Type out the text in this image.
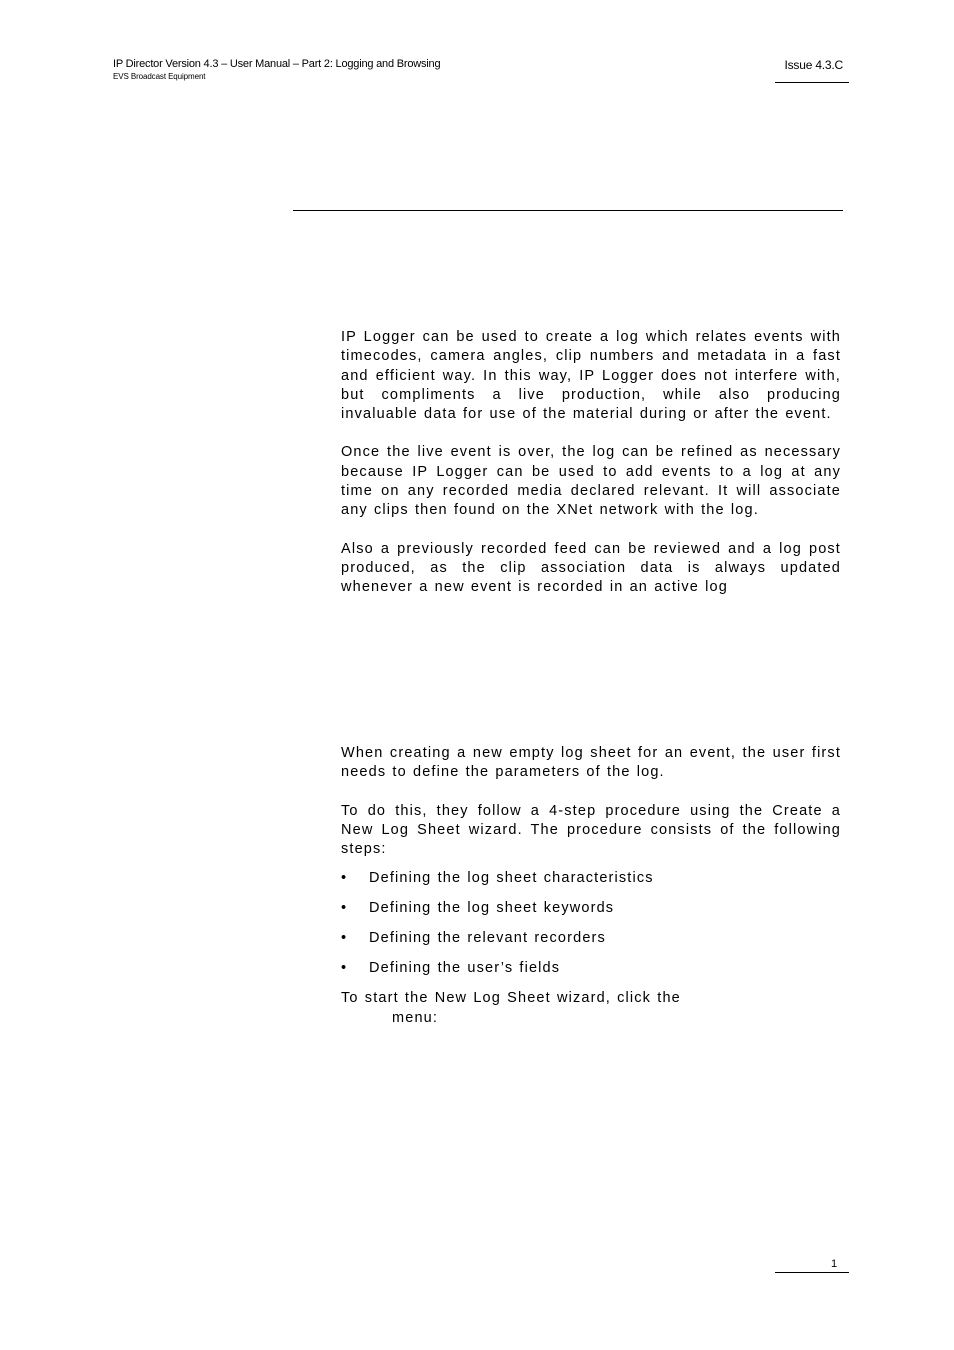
IP Director Version 4.3 – User Manual – Part 2: Logging and Browsing
EVS Broadcast Equipment
Issue 4.3.C

IP Logger can be used to create a log which relates events with timecodes, camera angles, clip numbers and metadata in a fast and efficient way. In this way, IP Logger does not interfere with, but compliments a live production, while also producing invaluable data for use of the material during or after the event.

Once the live event is over, the log can be refined as necessary because IP Logger can be used to add events to a log at any time on any recorded media declared relevant. It will associate any clips then found on the XNet network with the log.

Also a previously recorded feed can be reviewed and a log post produced, as the clip association data is always updated whenever a new event is recorded in an active log

When creating a new empty log sheet for an event, the user first needs to define the parameters of the log.

To do this, they follow a 4-step procedure using the Create a New Log Sheet wizard. The procedure consists of the following steps:

• Defining the log sheet characteristics
• Defining the log sheet keywords
• Defining the relevant recorders
• Defining the user’s fields

To start the New Log Sheet wizard, click the
menu:

1
